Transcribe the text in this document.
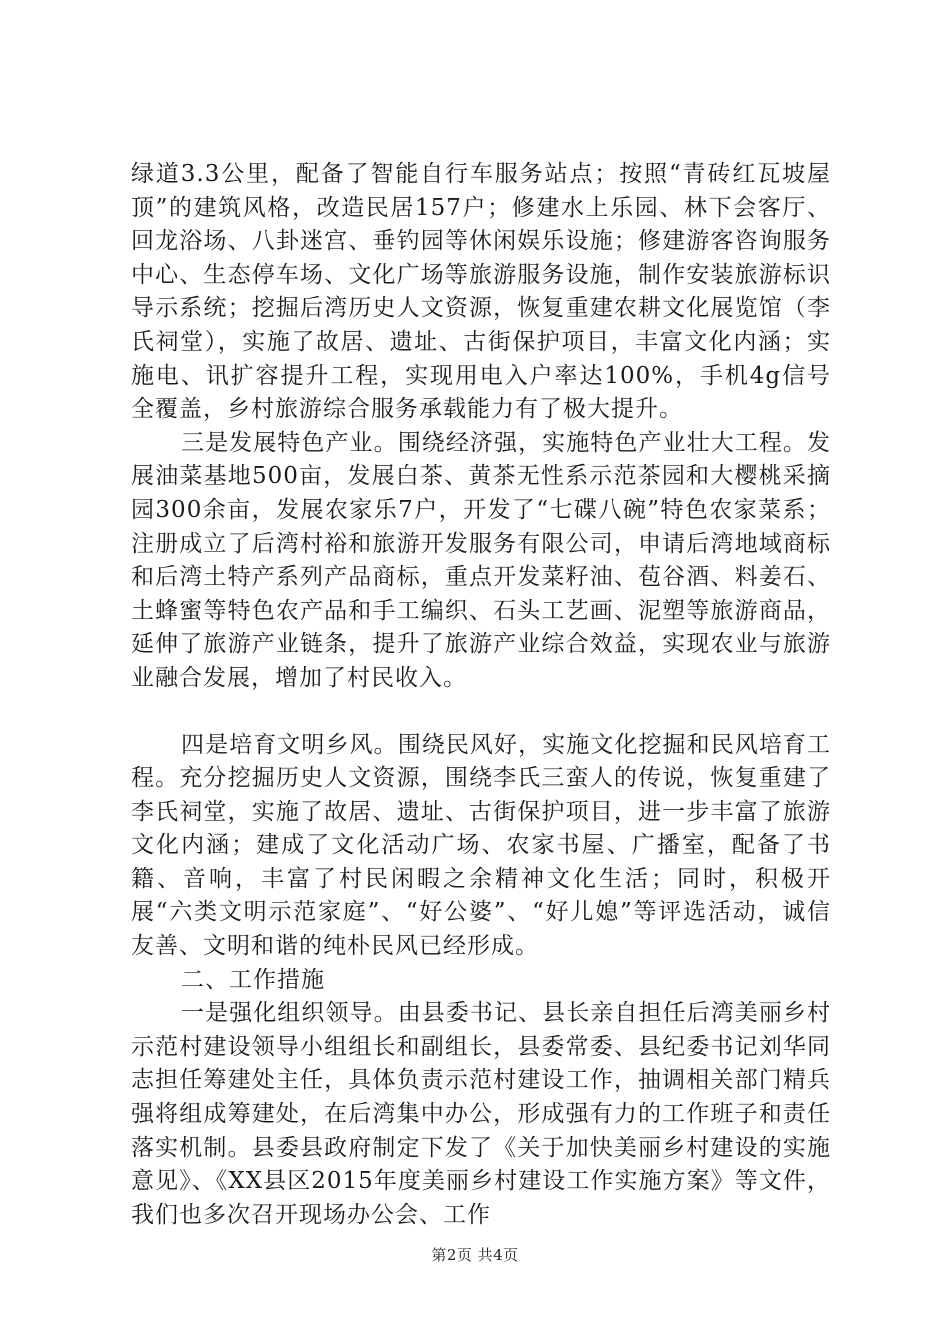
绿道3.3公里，配备了智能自行车服务站点；按照“青砖红瓦坡屋顶”的建筑风格，改造民居157户；修建水上乐园、林下会客厅、回龙浴场、八卦迷宫、垂钓园等休闲娱乐设施；修建游客咨询服务中心、生态停车场、文化广场等旅游服务设施，制作安装旅游标识导示系统；挖掘后湾历史人文资源，恢复重建农耕文化展览馆（李氏祠堂），实施了故居、遗址、古街保护项目，丰富文化内涵；实施电、讯扩容提升工程，实现用电入户率达100%，手机4g信号全覆盖，乡村旅游综合服务承载能力有了极大提升。

三是发展特色产业。围绕经济强，实施特色产业壮大工程。发展油菜基地500亩，发展白茶、黄茶无性系示范茶园和大樱桃采摘园300余亩，发展农家乐7户，开发了“七碟八碗”特色农家菜系；注册成立了后湾村裕和旅游开发服务有限公司，申请后湾地域商标和后湾土特产系列产品商标，重点开发菜籽油、苞谷酒、料姜石、土蜂蜜等特色农产品和手工编织、石头工艺画、泥塑等旅游商品，延伸了旅游产业链条，提升了旅游产业综合效益，实现农业与旅游业融合发展，增加了村民收入。

四是培育文明乡风。围绕民风好，实施文化挖掘和民风培育工程。充分挖掘历史人文资源，围绕李氏三蛮人的传说，恢复重建了李氏祠堂，实施了故居、遗址、古街保护项目，进一步丰富了旅游文化内涵；建成了文化活动广场、农家书屋、广播室，配备了书籍、音响，丰富了村民闲暇之余精神文化生活；同时，积极开展“六类文明示范家庭”、“好公婆”、“好儿媳”等评选活动，诚信友善、文明和谐的纯朴民风已经形成。

二、工作措施

一是强化组织领导。由县委书记、县长亲自担任后湾美丽乡村示范村建设领导小组组长和副组长，县委常委、县纪委书记刘华同志担任筹建处主任，具体负责示范村建设工作，抽调相关部门精兵强将组成筹建处，在后湾集中办公，形成强有力的工作班子和责任落实机制。县委县政府制定下发了《关于加快美丽乡村建设的实施意见》、《XX县区2015年度美丽乡村建设工作实施方案》等文件，我们也多次召开现场办公会、工作

第2页 共4页
